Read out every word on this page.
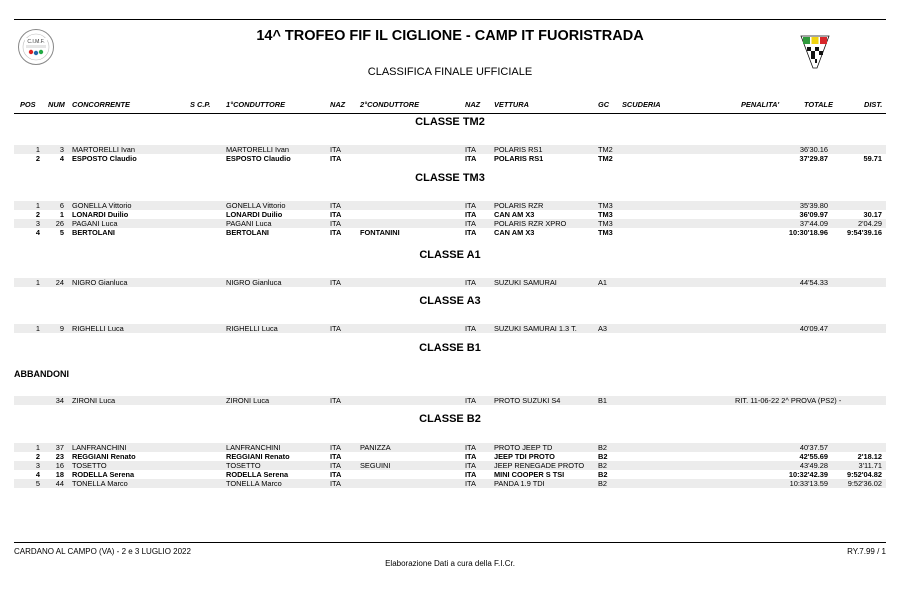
C.I.M.F.	14^ TROFEO FIF IL CIGLIONE - CAMP IT FUORISTRADA
CLASSIFICA FINALE UFFICIALE
POS NUM CONCORRENTE	S C.P. 1°CONDUTTORE	NAZ 2°CONDUTTORE	NAZ VETTURA	GC SCUDERIA	PENALITA'	TOTALE	DIST.
CLASSE TM2
1	3 MARTORELLI Ivan	MARTORELLI Ivan	ITA	ITA POLARIS RS1	TM2	36'30.16
2	4 ESPOSTO Claudio	ESPOSTO Claudio	ITA	ITA POLARIS RS1	TM2	37'29.87	59.71
CLASSE TM3
1	6 GONELLA Vittorio	GONELLA Vittorio	ITA	ITA POLARIS RZR	TM3	35'39.80
2	1 LONARDI Duilio	LONARDI Duilio	ITA	ITA CAN AM X3	TM3	36'09.97	30.17
3	26 PAGANI Luca	PAGANI Luca	ITA	ITA POLARIS RZR XPRO	TM3	37'44.09	2'04.29
4	5 BERTOLANI	BERTOLANI	ITA	FONTANINI	ITA CAN AM X3	TM3	10:30'18.96	9:54'39.16
CLASSE A1
1	24 NIGRO Gianluca	NIGRO Gianluca	ITA	ITA SUZUKI SAMURAI	A1	44'54.33
CLASSE A3
1	9 RIGHELLI Luca	RIGHELLI Luca	ITA	ITA SUZUKI SAMURAI 1.3 T.	A3	40'09.47
CLASSE B1
ABBANDONI
34 ZIRONI Luca	ZIRONI Luca	ITA	ITA PROTO SUZUKI S4	B1	RIT. 11-06-22 2^ PROVA (PS2) -
CLASSE B2
1	37 LANFRANCHINI	LANFRANCHINI	ITA	PANIZZA	ITA PROTO JEEP TD	B2	40'37.57
2	23 REGGIANI Renato	REGGIANI Renato	ITA	ITA JEEP TDI PROTO	B2	42'55.69	2'18.12
3	16 TOSETTO	TOSETTO	ITA	SEGUINI	ITA JEEP RENEGADE PROTO B2	43'49.28	3'11.71
4	18 RODELLA Serena	RODELLA Serena	ITA	ITA MINI COOPER S TSI	B2	10:32'42.39	9:52'04.82
5	44 TONELLA Marco	TONELLA Marco	ITA	ITA PANDA 1.9 TDI	B2	10:33'13.59	9:52'36.02
CARDANO AL CAMPO (VA) - 2 e 3 LUGLIO 2022	RY.7.99 / 1
Elaborazione Dati a cura della F.I.Cr.
